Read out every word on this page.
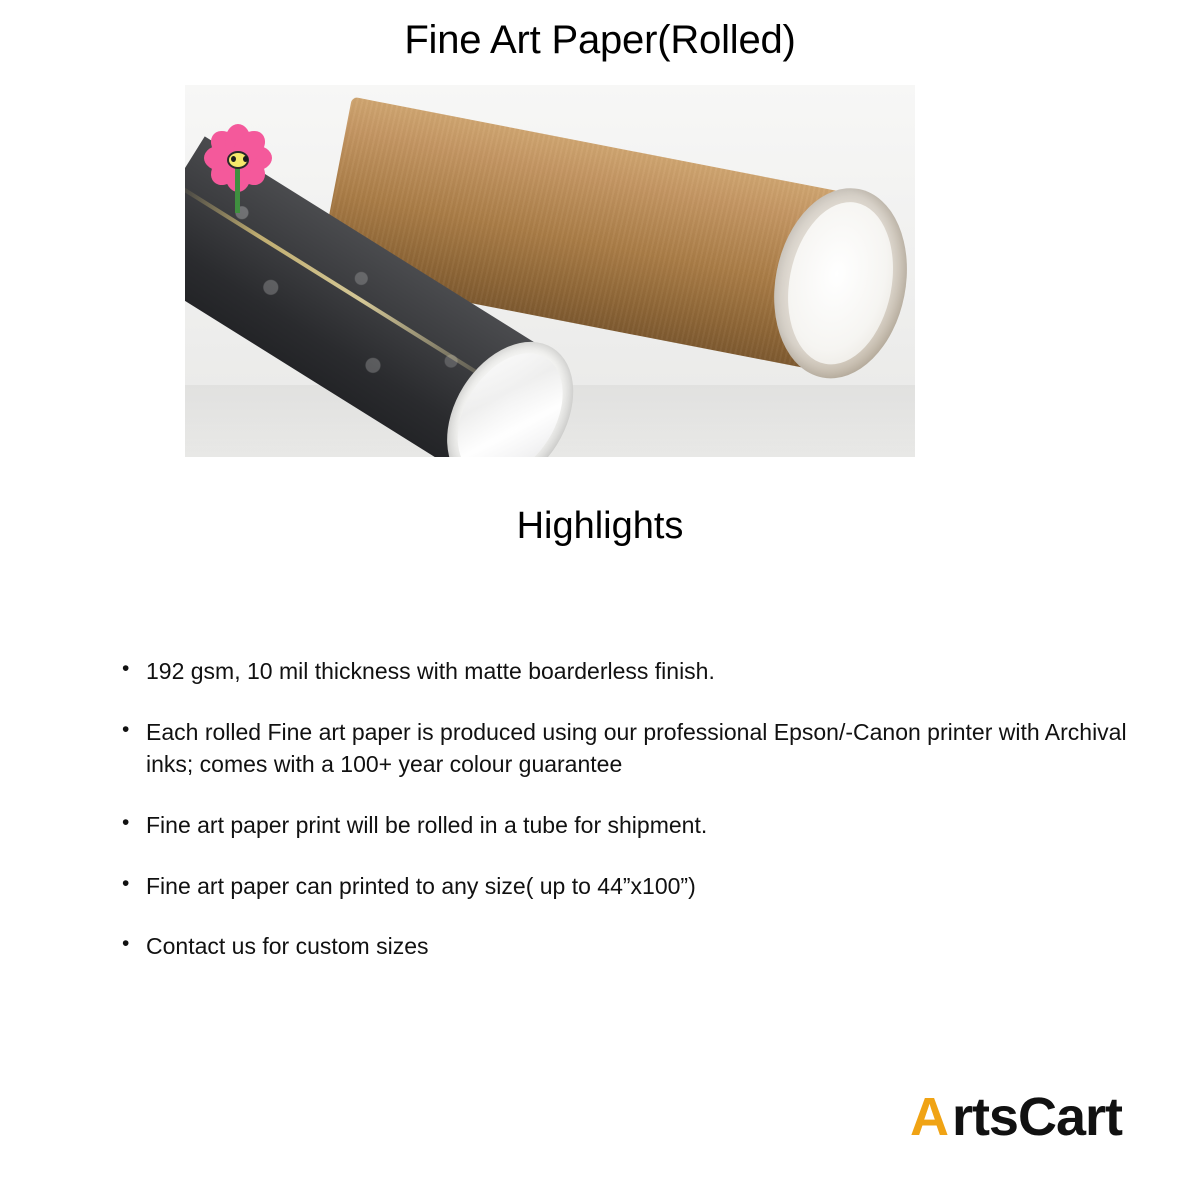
Fine Art Paper(Rolled)
Highlights
• 192 gsm, 10 mil thickness with matte boarderless finish.
• Each rolled Fine art paper is produced using our professional Epson/-Canon printer with Archival inks; comes with a 100+ year colour guarantee
• Fine art paper print will be rolled in a tube for shipment.
• Fine art paper can printed to any size( up to 44”x100”)
• Contact us for custom sizes
A rtsCart
